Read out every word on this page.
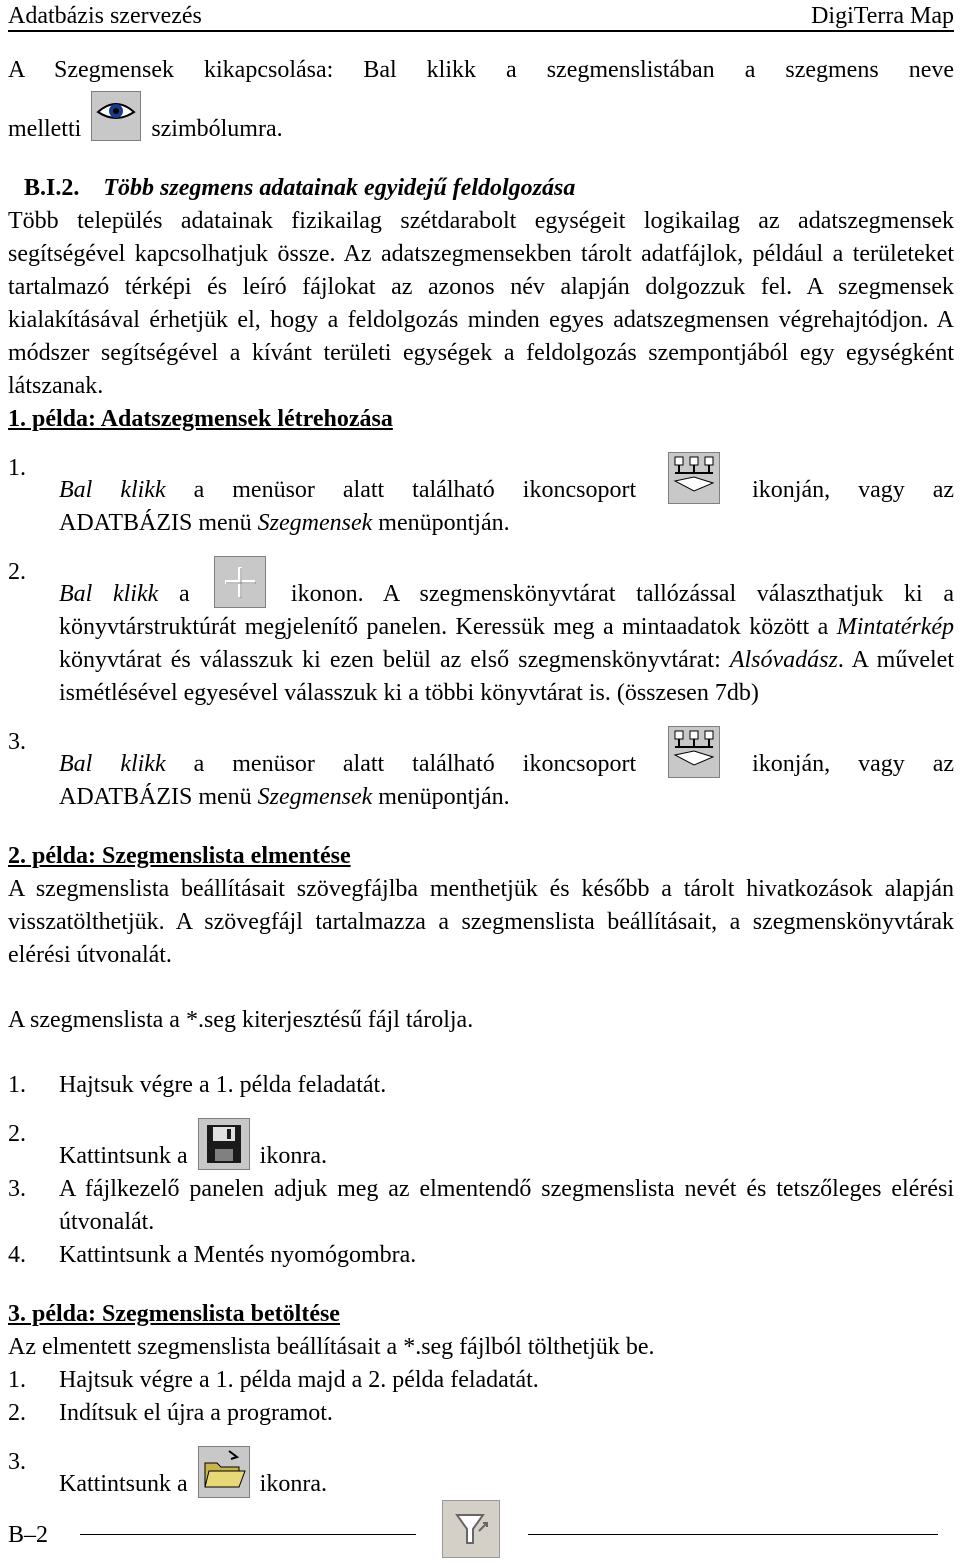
Adatbázis szervezés	DigiTerra Map

A Szegmensek kikapcsolása: Bal klikk a szegmenslistában a szegmens neve

melletti	szimbólumra.

B.I.2. Több szegmens adatainak egyidejű feldolgozása

Több település adatainak fizikailag szétdarabolt egységeit logikailag az adatszegmensek segítségével kapcsolhatjuk össze. Az adatszegmensekben tárolt adatfájlok, például a területeket tartalmazó térképi és leíró fájlokat az azonos név alapján dolgozzuk fel. A szegmensek kialakításával érhetjük el, hogy a feldolgozás minden egyes adatszegmensen végrehajtódjon. A módszer segítségével a kívánt területi egységek a feldolgozás szempontjából egy egységként látszanak.

1. példa: Adatszegmensek létrehozása

1.

Bal klikk a menüsor alatt található ikoncsoport	ikonján, vagy az

ADATBÁZIS menü Szegmensek menüpontján.

2.

Bal klikk a	ikonon. A szegmenskönyvtárat tallózással választhatjuk ki a könyvtárstruktúrát megjelenítő panelen. Keressük meg a mintaadatok között a Mintatérkép könyvtárat és válasszuk ki ezen belül az első szegmenskönyvtárat: Alsóvadász. A művelet ismétlésével egyesével válasszuk ki a többi könyvtárat is. (összesen 7db)

3.

Bal klikk a menüsor alatt található ikoncsoport	ikonján, vagy az

ADATBÁZIS menü Szegmensek menüpontján.

2. példa: Szegmenslista elmentése

A szegmenslista beállításait szövegfájlba menthetjük és később a tárolt hivatkozások alapján visszatölthetjük. A szövegfájl tartalmazza a szegmenslista beállításait, a szegmenskönyvtárak elérési útvonalát.

A szegmenslista a *.seg kiterjesztésű fájl tárolja.

1. Hajtsuk végre a 1. példa feladatát.

2.

Kattintsunk a	ikonra.

3. A fájlkezelő panelen adjuk meg az elmentendő szegmenslista nevét és tetszőleges elérési útvonalát.

4. Kattintsunk a Mentés nyomógombra.

3. példa: Szegmenslista betöltése

Az elmentett szegmenslista beállításait a *.seg fájlból tölthetjük be.

1. Hajtsuk végre a 1. példa majd a 2. példa feladatát.

2. Indítsuk el újra a programot.

3.

Kattintsunk a	ikonra.

B–2
